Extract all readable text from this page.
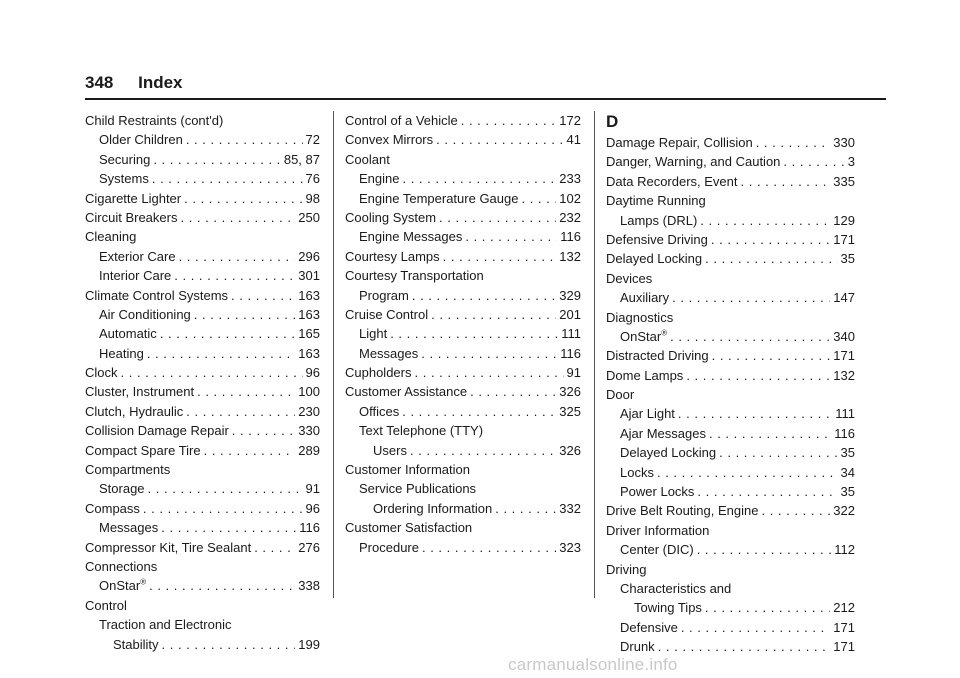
348 Index
Child Restraints (cont'd)
Older Children . . .	72
Securing . . .	85, 87
Systems . . .	76
Cigarette Lighter . . .	98
Circuit Breakers . . .	250
Cleaning
Exterior Care . . .	296
Interior Care . . .	301
Climate Control Systems . . .	163
Air Conditioning . . .	163
Automatic . . .	165
Heating . . .	163
Clock . . .	96
Cluster, Instrument . . .	100
Clutch, Hydraulic . . .	230
Collision Damage Repair . . .	330
Compact Spare Tire . . .	289
Compartments
Storage . . .	91
Compass . . .	96
Messages . . .	116
Compressor Kit, Tire Sealant . . .	276
Connections
OnStar® . . .	338
Control
Traction and Electronic
Stability . . .	199
Control of a Vehicle . . .	172
Convex Mirrors . . .	41
Coolant
Engine . . .	233
Engine Temperature Gauge . . .	102
Cooling System . . .	232
Engine Messages . . .	116
Courtesy Lamps . . .	132
Courtesy Transportation
Program . . .	329
Cruise Control . . .	201
Light . . .	111
Messages . . .	116
Cupholders . . .	91
Customer Assistance . . .	326
Offices . . .	325
Text Telephone (TTY)
Users . . .	326
Customer Information
Service Publications
Ordering Information . . .	332
Customer Satisfaction
Procedure . . .	323
D
Damage Repair, Collision . . .	330
Danger, Warning, and Caution . . .	3
Data Recorders, Event . . .	335
Daytime Running
Lamps (DRL) . . .	129
Defensive Driving . . .	171
Delayed Locking . . .	35
Devices
Auxiliary . . .	147
Diagnostics
OnStar® . . .	340
Distracted Driving . . .	171
Dome Lamps . . .	132
Door
Ajar Light . . .	111
Ajar Messages . . .	116
Delayed Locking . . .	35
Locks . . .	34
Power Locks . . .	35
Drive Belt Routing, Engine . . .	322
Driver Information
Center (DIC) . . .	112
Driving
Characteristics and
Towing Tips . . .	212
Defensive . . .	171
Drunk . . .	171
carmanualsonline.info
